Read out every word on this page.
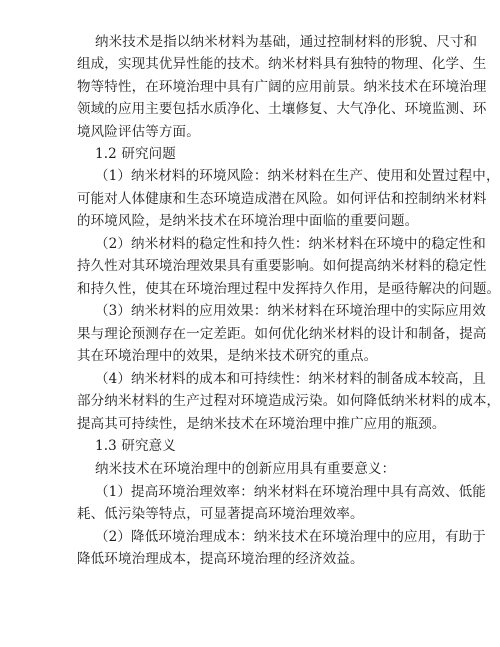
纳米技术是指以纳米材料为基础，通过控制材料的形貌、尺寸和
组成，实现其优异性能的技术。纳米材料具有独特的物理、化学、生
物等特性，在环境治理中具有广阔的应用前景。纳米技术在环境治理
领域的应用主要包括水质净化、土壤修复、大气净化、环境监测、环
境风险评估等方面。
1.2 研究问题
（1）纳米材料的环境风险：纳米材料在生产、使用和处置过程中，
可能对人体健康和生态环境造成潜在风险。如何评估和控制纳米材料
的环境风险，是纳米技术在环境治理中面临的重要问题。
（2）纳米材料的稳定性和持久性：纳米材料在环境中的稳定性和
持久性对其环境治理效果具有重要影响。如何提高纳米材料的稳定性
和持久性，使其在环境治理过程中发挥持久作用，是亟待解决的问题。
（3）纳米材料的应用效果：纳米材料在环境治理中的实际应用效
果与理论预测存在一定差距。如何优化纳米材料的设计和制备，提高
其在环境治理中的效果，是纳米技术研究的重点。
（4）纳米材料的成本和可持续性：纳米材料的制备成本较高，且
部分纳米材料的生产过程对环境造成污染。如何降低纳米材料的成本，
提高其可持续性，是纳米技术在环境治理中推广应用的瓶颈。
1.3 研究意义
纳米技术在环境治理中的创新应用具有重要意义：
（1）提高环境治理效率：纳米材料在环境治理中具有高效、低能
耗、低污染等特点，可显著提高环境治理效率。
（2）降低环境治理成本：纳米技术在环境治理中的应用，有助于
降低环境治理成本，提高环境治理的经济效益。
